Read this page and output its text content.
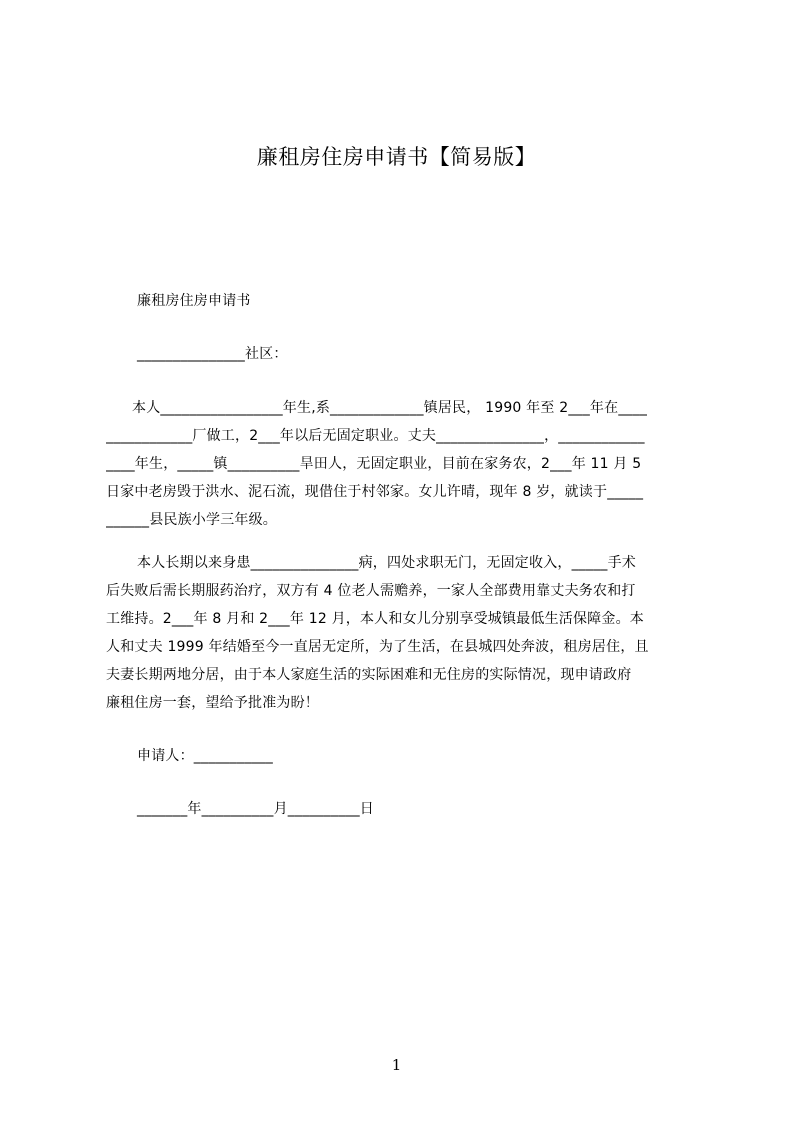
廉租房住房申请书【简易版】
廉租房住房申请书
_______________社区：
本人_________________年生,系_____________镇居民， 1990 年至 2___年在____
____________厂做工，2___年以后无固定职业。丈夫_______________，____________
____年生，_____镇__________旱田人，无固定职业，目前在家务农，2___年 11 月 5
日家中老房毁于洪水、泥石流，现借住于村邻家。女儿许晴，现年 8 岁，就读于_____
______县民族小学三年级。
本人长期以来身患_______________病，四处求职无门，无固定收入，_____手术
后失败后需长期服药治疗，双方有 4 位老人需赡养，一家人全部费用靠丈夫务农和打
工维持。2___年 8 月和 2___年 12 月，本人和女儿分别享受城镇最低生活保障金。本
人和丈夫 1999 年结婚至今一直居无定所，为了生活，在县城四处奔波，租房居住，且
夫妻长期两地分居，由于本人家庭生活的实际困难和无住房的实际情况，现申请政府
廉租住房一套，望给予批准为盼！
申请人：___________
_______年__________月__________日
1
